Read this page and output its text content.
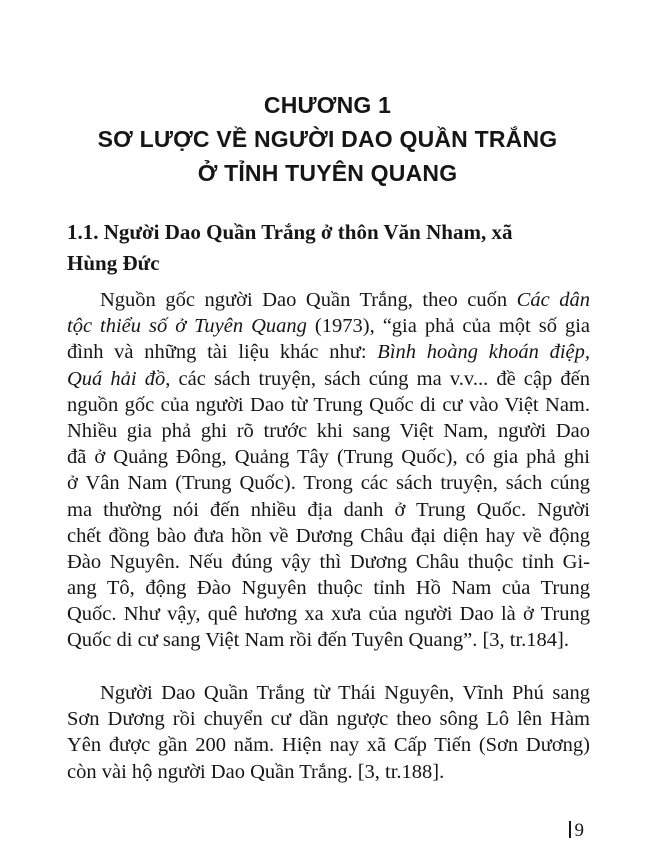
CHƯƠNG 1
SƠ LƯỢC VỀ NGƯỜI DAO QUẦN TRẮNG
Ở TỈNH TUYÊN QUANG
1.1. Người Dao Quần Trắng ở thôn Văn Nham, xã
Hùng Đức
Nguồn gốc người Dao Quần Trắng, theo cuốn Các dân
tộc thiểu số ở Tuyên Quang (1973), “gia phả của một số gia
đình và những tài liệu khác như: Bình hoàng khoán điệp,
Quá hải đồ, các sách truyện, sách cúng ma v.v... đề cập đến
nguồn gốc của người Dao từ Trung Quốc di cư vào Việt Nam.
Nhiều gia phả ghi rõ trước khi sang Việt Nam, người Dao
đã ở Quảng Đông, Quảng Tây (Trung Quốc), có gia phả ghi
ở Vân Nam (Trung Quốc). Trong các sách truyện, sách cúng
ma thường nói đến nhiều địa danh ở Trung Quốc. Người
chết đồng bào đưa hồn về Dương Châu đại diện hay về động
Đào Nguyên. Nếu đúng vậy thì Dương Châu thuộc tỉnh Gi-
ang Tô, động Đào Nguyên thuộc tỉnh Hồ Nam của Trung
Quốc. Như vậy, quê hương xa xưa của người Dao là ở Trung
Quốc di cư sang Việt Nam rồi đến Tuyên Quang”. [3, tr.184].
Người Dao Quần Trắng từ Thái Nguyên, Vĩnh Phú sang
Sơn Dương rồi chuyển cư dần ngược theo sông Lô lên Hàm
Yên được gần 200 năm. Hiện nay xã Cấp Tiến (Sơn Dương)
còn vài hộ người Dao Quần Trắng. [3, tr.188].
9
